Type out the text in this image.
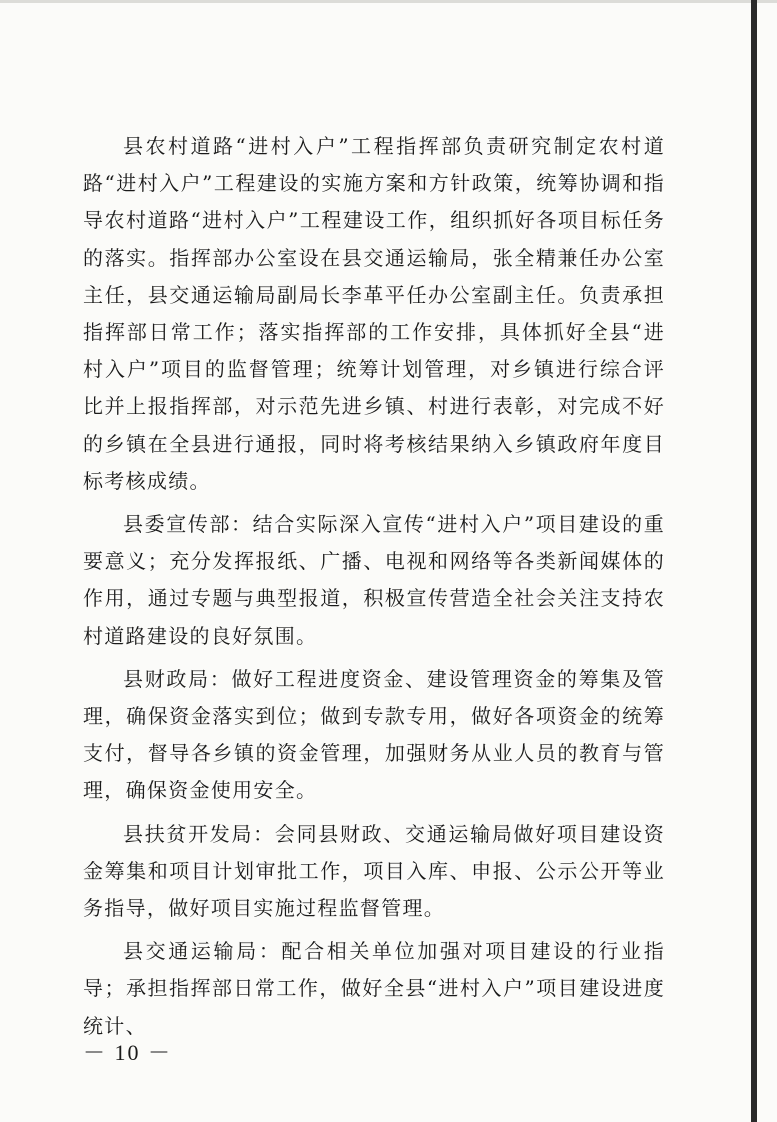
县农村道路“进村入户”工程指挥部负责研究制定农村道路“进村入户”工程建设的实施方案和方针政策，统筹协调和指导农村道路“进村入户”工程建设工作，组织抓好各项目标任务的落实。指挥部办公室设在县交通运输局，张全精兼任办公室主任，县交通运输局副局长李革平任办公室副主任。负责承担指挥部日常工作；落实指挥部的工作安排，具体抓好全县“进村入户”项目的监督管理；统筹计划管理，对乡镇进行综合评比并上报指挥部，对示范先进乡镇、村进行表彰，对完成不好的乡镇在全县进行通报，同时将考核结果纳入乡镇政府年度目标考核成绩。

县委宣传部：结合实际深入宣传“进村入户”项目建设的重要意义；充分发挥报纸、广播、电视和网络等各类新闻媒体的作用，通过专题与典型报道，积极宣传营造全社会关注支持农村道路建设的良好氛围。

县财政局：做好工程进度资金、建设管理资金的筹集及管理，确保资金落实到位；做到专款专用，做好各项资金的统筹支付，督导各乡镇的资金管理，加强财务从业人员的教育与管理，确保资金使用安全。

县扶贫开发局：会同县财政、交通运输局做好项目建设资金筹集和项目计划审批工作，项目入库、申报、公示公开等业务指导，做好项目实施过程监督管理。

县交通运输局：配合相关单位加强对项目建设的行业指导；承担指挥部日常工作，做好全县“进村入户”项目建设进度统计、

－ 10 －
